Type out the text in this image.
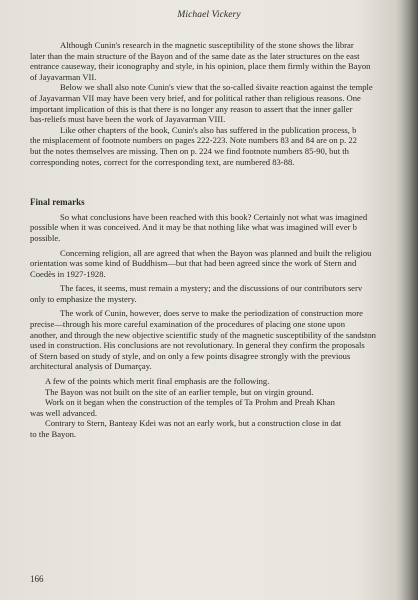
Michael Vickery
Although Cunin's research in the magnetic susceptibility of the stone shows the librar
later than the main structure of the Bayon and of the same date as the later structures on the east
entrance causeway, their iconography and style, in his opinion, place them firmly within the Bayon
of Jayavarman VII.
Below we shall also note Cunin's view that the so-called śivaite reaction against the temple
of Jayavarman VII may have been very brief, and for political rather than religious reasons. One
important implication of this is that there is no longer any reason to assert that the inner galler
bas-reliefs must have been the work of Jayavarman VIII.
Like other chapters of the book, Cunin's also has suffered in the publication process, b
the misplacement of footnote numbers on pages 222-223. Note numbers 83 and 84 are on p. 22
but the notes themselves are missing. Then on p. 224 we find footnote numbers 85-90, but th
corresponding notes, correct for the corresponding text, are numbered 83-88.
Final remarks
So what conclusions have been reached with this book? Certainly not what was imagined
possible when it was conceived. And it may be that nothing like what was imagined will ever b
possible.
Concerning religion, all are agreed that when the Bayon was planned and built the religiou
orientation was some kind of Buddhism—but that had been agreed since the work of Stern and
Coedès in 1927-1928.
The faces, it seems, must remain a mystery; and the discussions of our contributors serv
only to emphasize the mystery.
The work of Cunin, however, does serve to make the periodization of construction more
precise—through his more careful examination of the procedures of placing one stone upon
another, and through the new objective scientific study of the magnetic susceptibility of the sandston
used in construction. His conclusions are not revolutionary. In general they confirm the proposals
of Stern based on study of style, and on only a few points disagree strongly with the previous
architectural analysis of Dumarçay.
A few of the points which merit final emphasis are the following.
The Bayon was not built on the site of an earlier temple, but on virgin ground.
Work on it began when the construction of the temples of Ta Prohm and Preah Khan
was well advanced.
Contrary to Stern, Banteay Kdei was not an early work, but a construction close in dat
to the Bayon.
166
